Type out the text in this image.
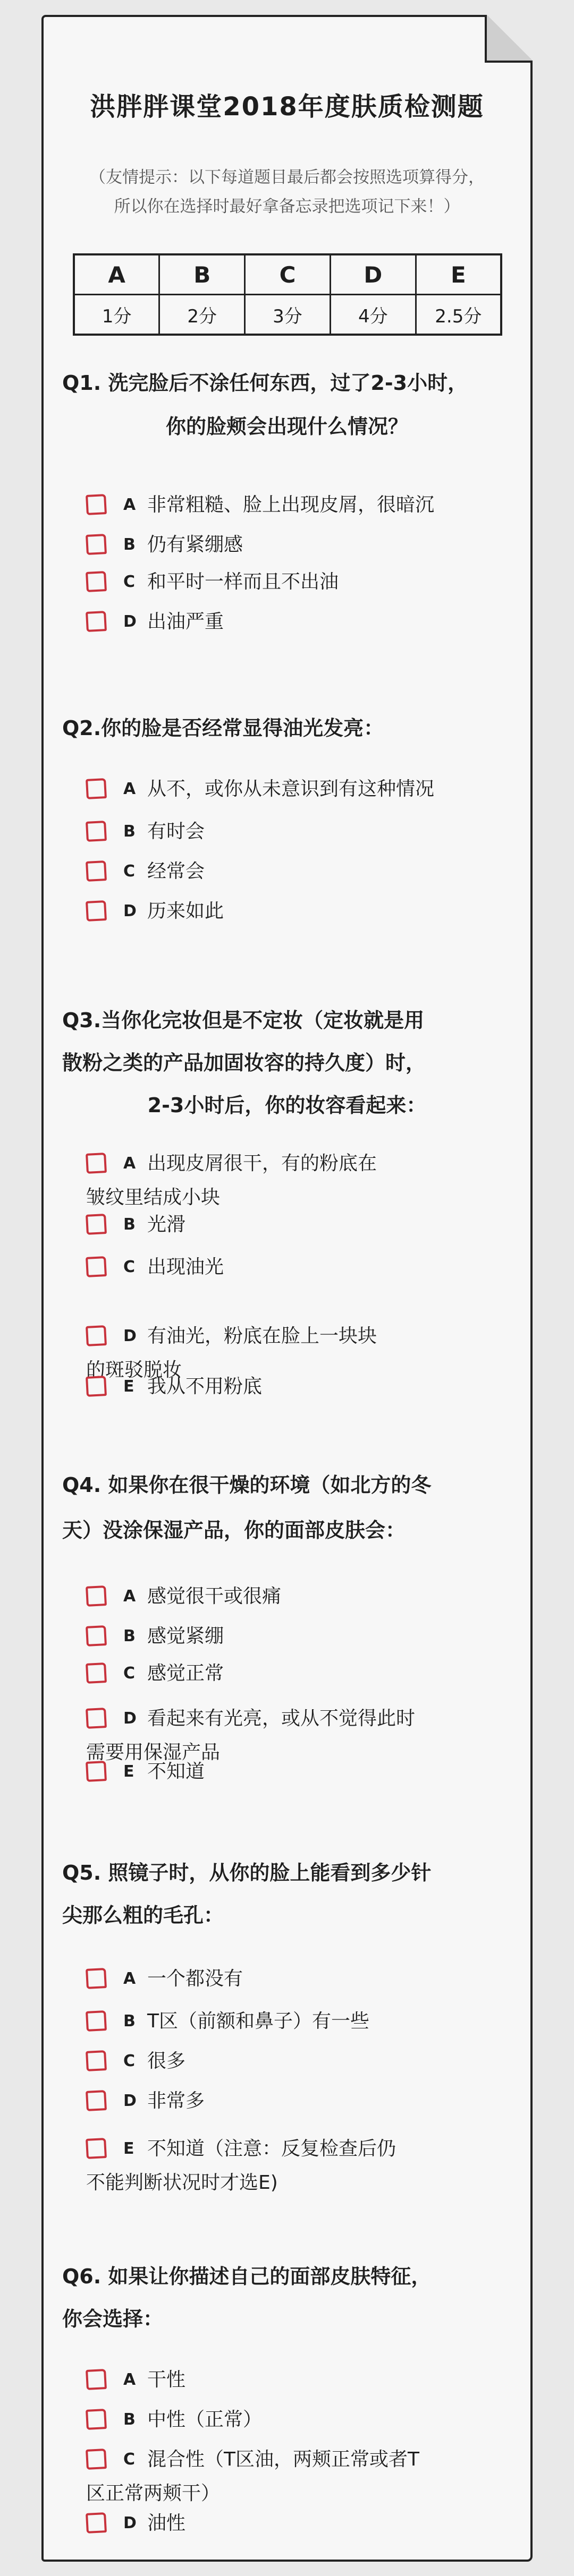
洪胖胖课堂2018年度肤质检测题
（友情提示：以下每道题目最后都会按照选项算得分，
所以你在选择时最好拿备忘录把选项记下来！）
A	B	C	D	E
1分	2分	3分	4分	2.5分
Q1. 洗完脸后不涂任何东西，过了2-3小时，
你的脸颊会出现什么情况？
A 非常粗糙、脸上出现皮屑，很暗沉
B 仍有紧绷感
C 和平时一样而且不出油
D 出油严重
Q2.你的脸是否经常显得油光发亮：
A 从不，或你从未意识到有这种情况
B 有时会
C 经常会
D 历来如此
Q3.当你化完妆但是不定妆（定妆就是用
散粉之类的产品加固妆容的持久度）时，
2-3小时后，你的妆容看起来：
A 出现皮屑很干，有的粉底在
皱纹里结成小块
B 光滑
C 出现油光
D 有油光，粉底在脸上一块块
的斑驳脱妆
E 我从不用粉底
Q4. 如果你在很干燥的环境（如北方的冬
天）没涂保湿产品，你的面部皮肤会：
A 感觉很干或很痛
B 感觉紧绷
C 感觉正常
D 看起来有光亮，或从不觉得此时
需要用保湿产品
E 不知道
Q5. 照镜子时，从你的脸上能看到多少针
尖那么粗的毛孔：
A 一个都没有
B T区（前额和鼻子）有一些
C 很多
D 非常多
E 不知道（注意：反复检查后仍
不能判断状况时才选E)
Q6. 如果让你描述自己的面部皮肤特征，
你会选择：
A 干性
B 中性（正常）
C 混合性（T区油，两颊正常或者T
区正常两颊干）
D 油性
